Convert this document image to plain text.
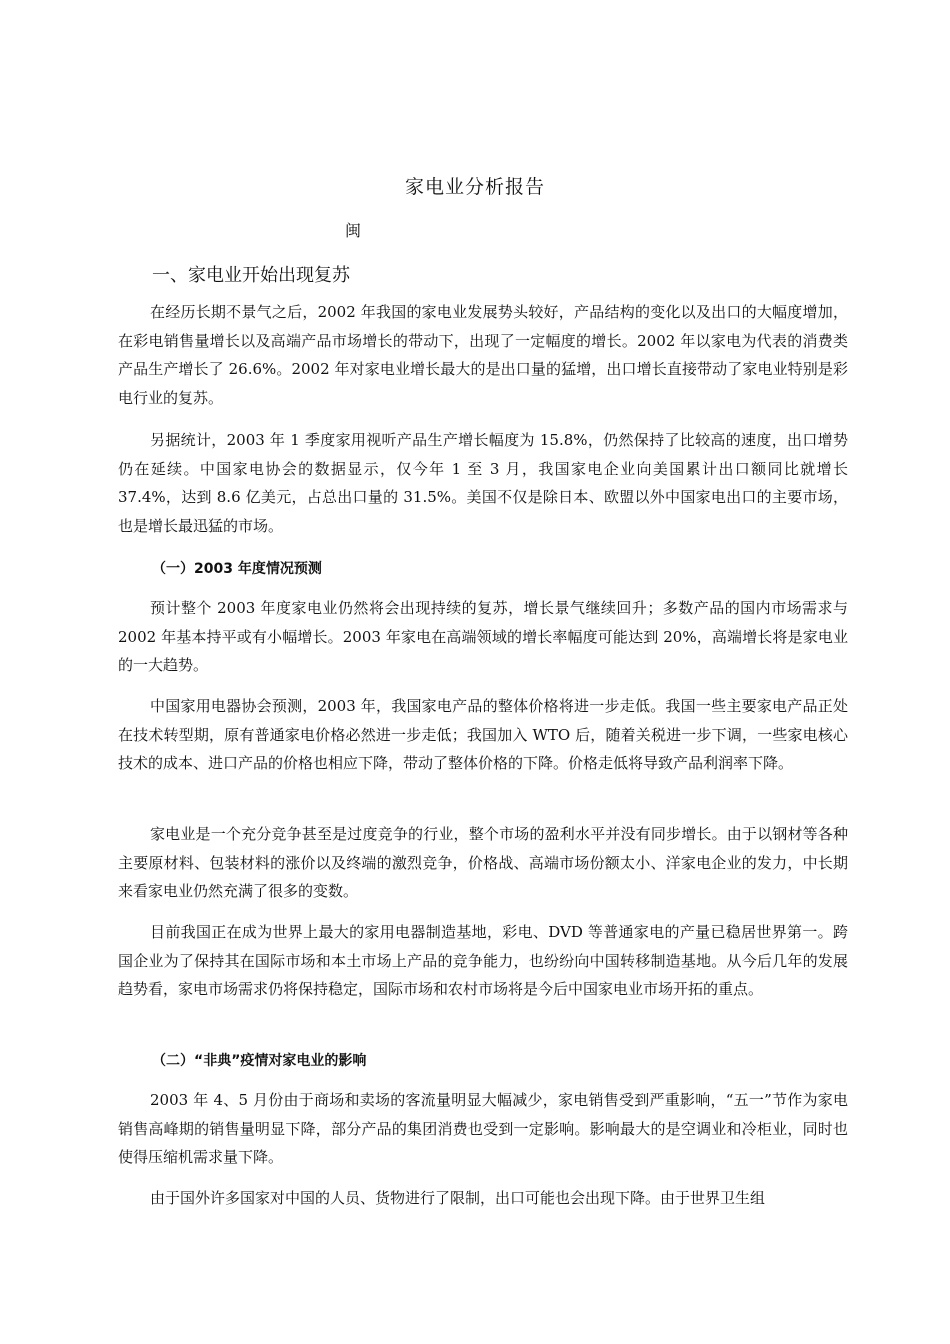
家电业分析报告
闽
一、家电业开始出现复苏

在经历长期不景气之后，2002 年我国的家电业发展势头较好，产品结构的变化以及出口的大幅度增加，在彩电销售量增长以及高端产品市场增长的带动下，出现了一定幅度的增长。2002 年以家电为代表的消费类产品生产增长了 26.6%。2002 年对家电业增长最大的是出口量的猛增，出口增长直接带动了家电业特别是彩电行业的复苏。

另据统计，2003 年 1 季度家用视听产品生产增长幅度为 15.8%，仍然保持了比较高的速度，出口增势仍在延续。中国家电协会的数据显示，仅今年 1 至 3 月，我国家电企业向美国累计出口额同比就增长 37.4%，达到 8.6 亿美元，占总出口量的 31.5%。美国不仅是除日本、欧盟以外中国家电出口的主要市场，也是增长最迅猛的市场。

（一）2003 年度情况预测

预计整个 2003 年度家电业仍然将会出现持续的复苏，增长景气继续回升；多数产品的国内市场需求与 2002 年基本持平或有小幅增长。2003 年家电在高端领域的增长率幅度可能达到 20%，高端增长将是家电业的一大趋势。

中国家用电器协会预测，2003 年，我国家电产品的整体价格将进一步走低。我国一些主要家电产品正处在技术转型期，原有普通家电价格必然进一步走低；我国加入 WTO 后，随着关税进一步下调，一些家电核心技术的成本、进口产品的价格也相应下降，带动了整体价格的下降。价格走低将导致产品利润率下降。

家电业是一个充分竞争甚至是过度竞争的行业，整个市场的盈利水平并没有同步增长。由于以钢材等各种主要原材料、包装材料的涨价以及终端的激烈竞争，价格战、高端市场份额太小、洋家电企业的发力，中长期来看家电业仍然充满了很多的变数。

目前我国正在成为世界上最大的家用电器制造基地，彩电、DVD 等普通家电的产量已稳居世界第一。跨国企业为了保持其在国际市场和本土市场上产品的竞争能力，也纷纷向中国转移制造基地。从今后几年的发展趋势看，家电市场需求仍将保持稳定，国际市场和农村市场将是今后中国家电业市场开拓的重点。

（二）“非典”疫情对家电业的影响

2003 年 4、5 月份由于商场和卖场的客流量明显大幅减少，家电销售受到严重影响，“五一”节作为家电销售高峰期的销售量明显下降，部分产品的集团消费也受到一定影响。影响最大的是空调业和冷柜业，同时也使得压缩机需求量下降。

由于国外许多国家对中国的人员、货物进行了限制，出口可能也会出现下降。由于世界卫生组
